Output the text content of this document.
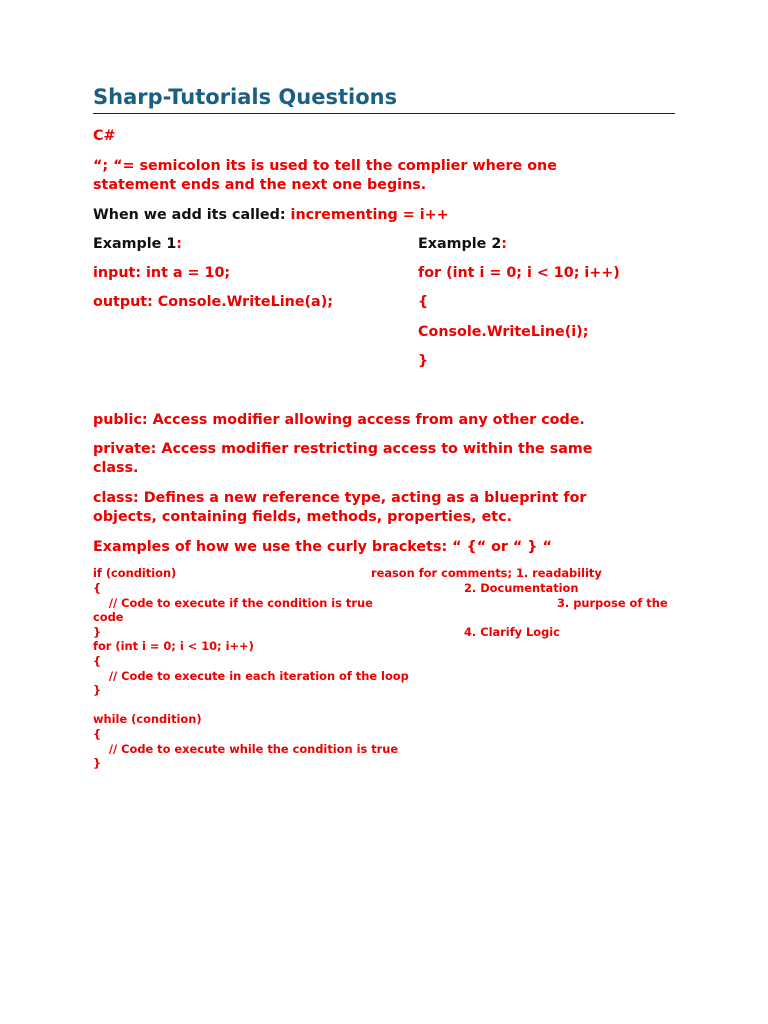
Sharp-Tutorials Questions
C#
“; “= semicolon its is used to tell the complier where one
statement ends and the next one begins.
When we add its called: incrementing = i++
Example 1:
input: int a = 10;
output: Console.WriteLine(a);
Example 2:
for (int i = 0; i < 10; i++)
{
Console.WriteLine(i);
}
public: Access modifier allowing access from any other code.
private: Access modifier restricting access to within the same
class.
class: Defines a new reference type, acting as a blueprint for
objects, containing fields, methods, properties, etc.
Examples of how we use the curly brackets: “ {“ or “ } “
if (condition)
{
// Code to execute if the condition is true
code
}
for (int i = 0; i < 10; i++)
{
// Code to execute in each iteration of the loop
}
while (condition)
{
// Code to execute while the condition is true
}
reason for comments; 1. readability
2. Documentation
3. purpose of the
4. Clarify Logic
